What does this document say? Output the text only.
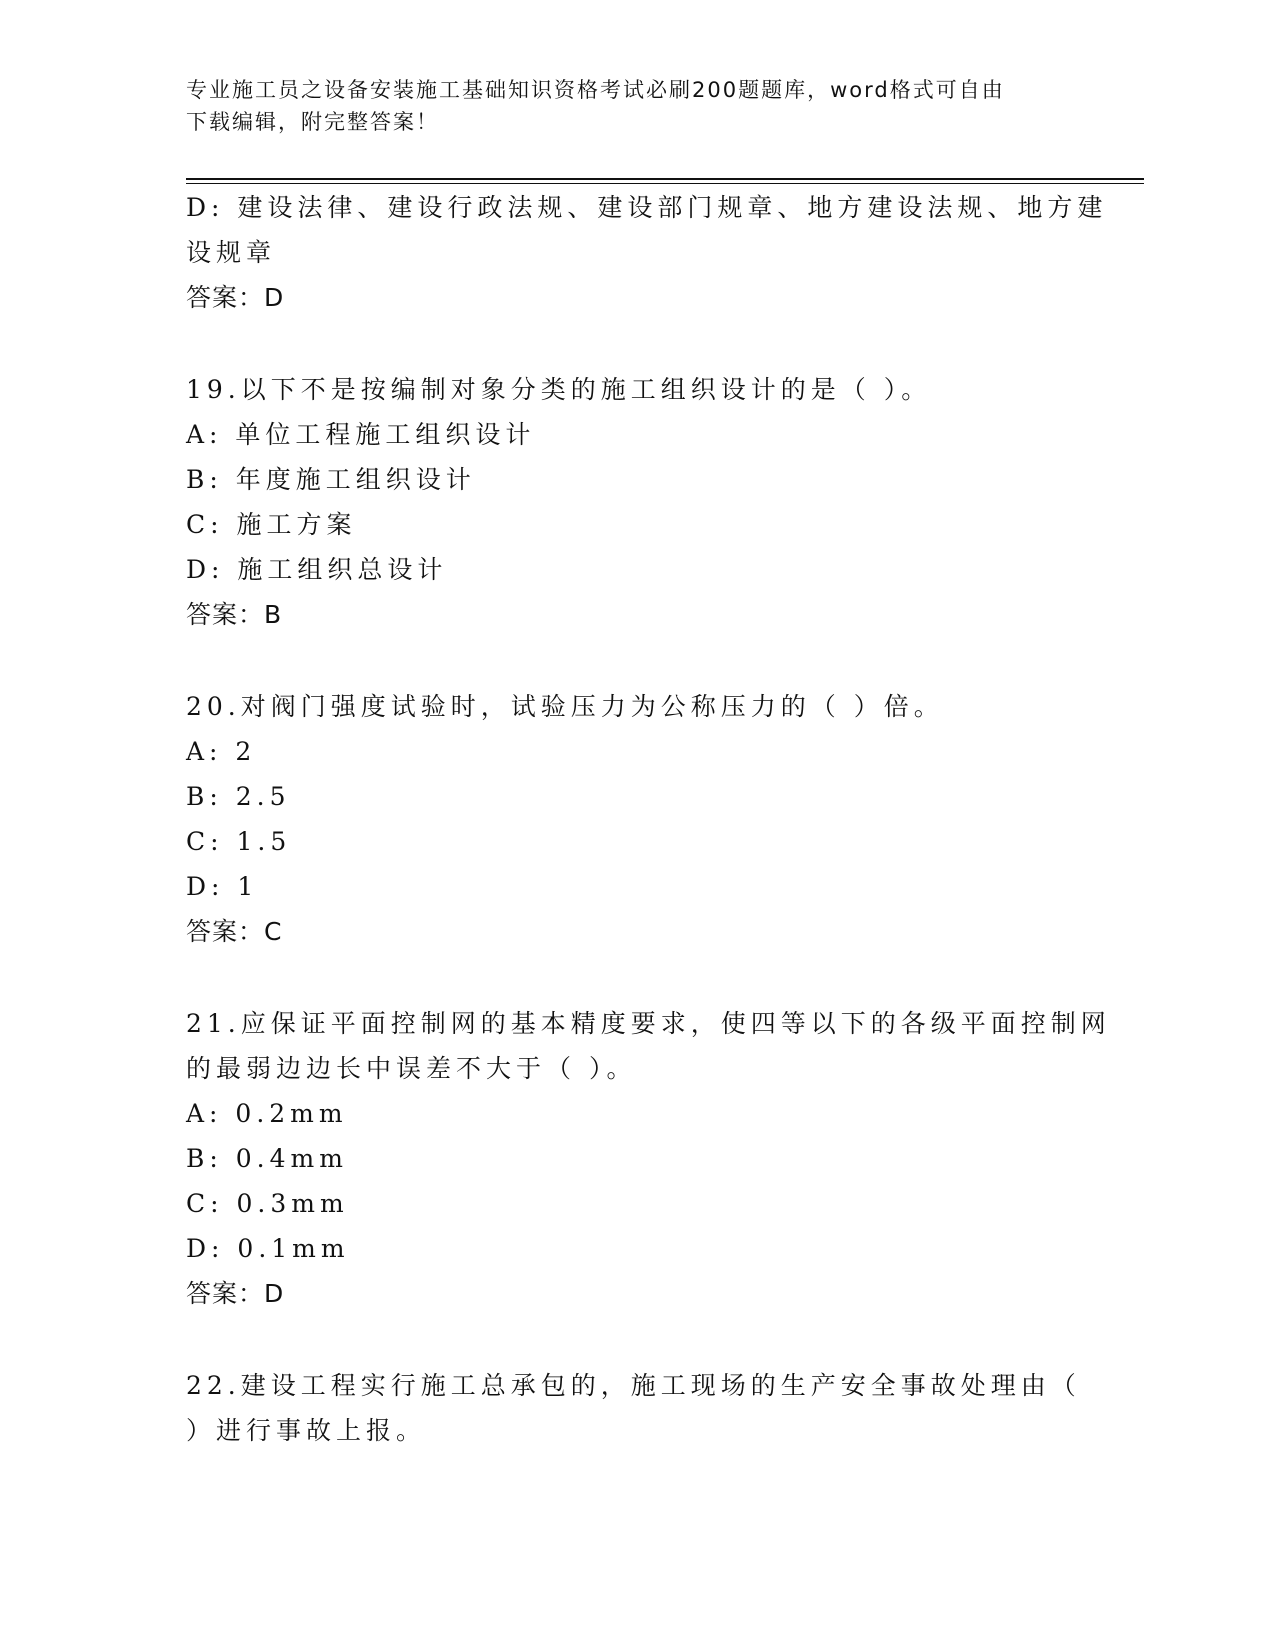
专业施工员之设备安装施工基础知识资格考试必刷200题题库，word格式可自由
下载编辑，附完整答案！
D: 建设法律、建设行政法规、建设部门规章、地方建设法规、地方建
设规章
答案：D
19.以下不是按编制对象分类的施工组织设计的是（ ）。
A: 单位工程施工组织设计
B: 年度施工组织设计
C: 施工方案
D: 施工组织总设计
答案：B
20.对阀门强度试验时，试验压力为公称压力的（ ）倍。
A: 2
B: 2.5
C: 1.5
D: 1
答案：C
21.应保证平面控制网的基本精度要求，使四等以下的各级平面控制网
的最弱边边长中误差不大于（ ）。
A: 0.2mm
B: 0.4mm
C: 0.3mm
D: 0.1mm
答案：D
22.建设工程实行施工总承包的，施工现场的生产安全事故处理由（
）进行事故上报。
